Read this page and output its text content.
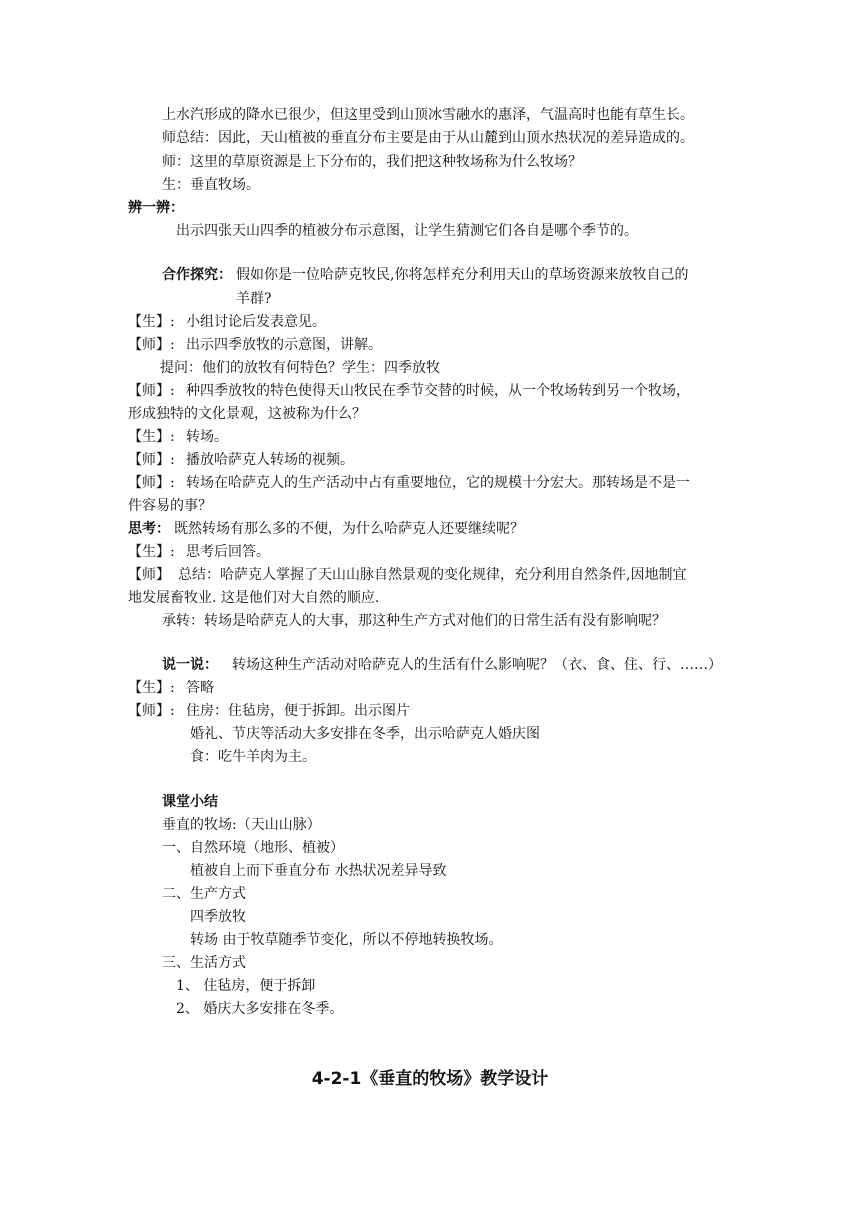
上水汽形成的降水已很少，但这里受到山顶冰雪融水的惠泽，气温高时也能有草生长。
师总结：因此，天山植被的垂直分布主要是由于从山麓到山顶水热状况的差异造成的。
师：这里的草原资源是上下分布的，我们把这种牧场称为什么牧场？
生：垂直牧场。
辨一辨：
出示四张天山四季的植被分布示意图，让学生猜测它们各自是哪个季节的。
合作探究： 假如你是一位哈萨克牧民,你将怎样充分利用天山的草场资源来放牧自己的
羊群?
【生】: 小组讨论后发表意见。
【师】: 出示四季放牧的示意图，讲解。
提问：他们的放牧有何特色？学生：四季放牧
【师】: 种四季放牧的特色使得天山牧民在季节交替的时候，从一个牧场转到另一个牧场，
形成独特的文化景观，这被称为什么？
【生】: 转场。
【师】: 播放哈萨克人转场的视频。
【师】: 转场在哈萨克人的生产活动中占有重要地位，它的规模十分宏大。那转场是不是一
件容易的事？
思考： 既然转场有那么多的不便，为什么哈萨克人还要继续呢？
【生】: 思考后回答。
【师】 总结：哈萨克人掌握了天山山脉自然景观的变化规律，充分利用自然条件,因地制宜
地发展畜牧业. 这是他们对大自然的顺应.
承转：转场是哈萨克人的大事，那这种生产方式对他们的日常生活有没有影响呢？
说一说： 转场这种生产活动对哈萨克人的生活有什么影响呢？（衣、食、住、行、……）
【生】: 答略
【师】: 住房：住毡房，便于拆卸。出示图片
婚礼、节庆等活动大多安排在冬季，出示哈萨克人婚庆图
食：吃牛羊肉为主。
课堂小结
垂直的牧场:（天山山脉）
一、自然环境（地形、植被）
植被自上而下垂直分布 水热状况差异导致
二、生产方式
四季放牧
转场 由于牧草随季节变化，所以不停地转换牧场。
三、生活方式
1、 住毡房，便于拆卸
2、 婚庆大多安排在冬季。
4-2-1《垂直的牧场》教学设计
